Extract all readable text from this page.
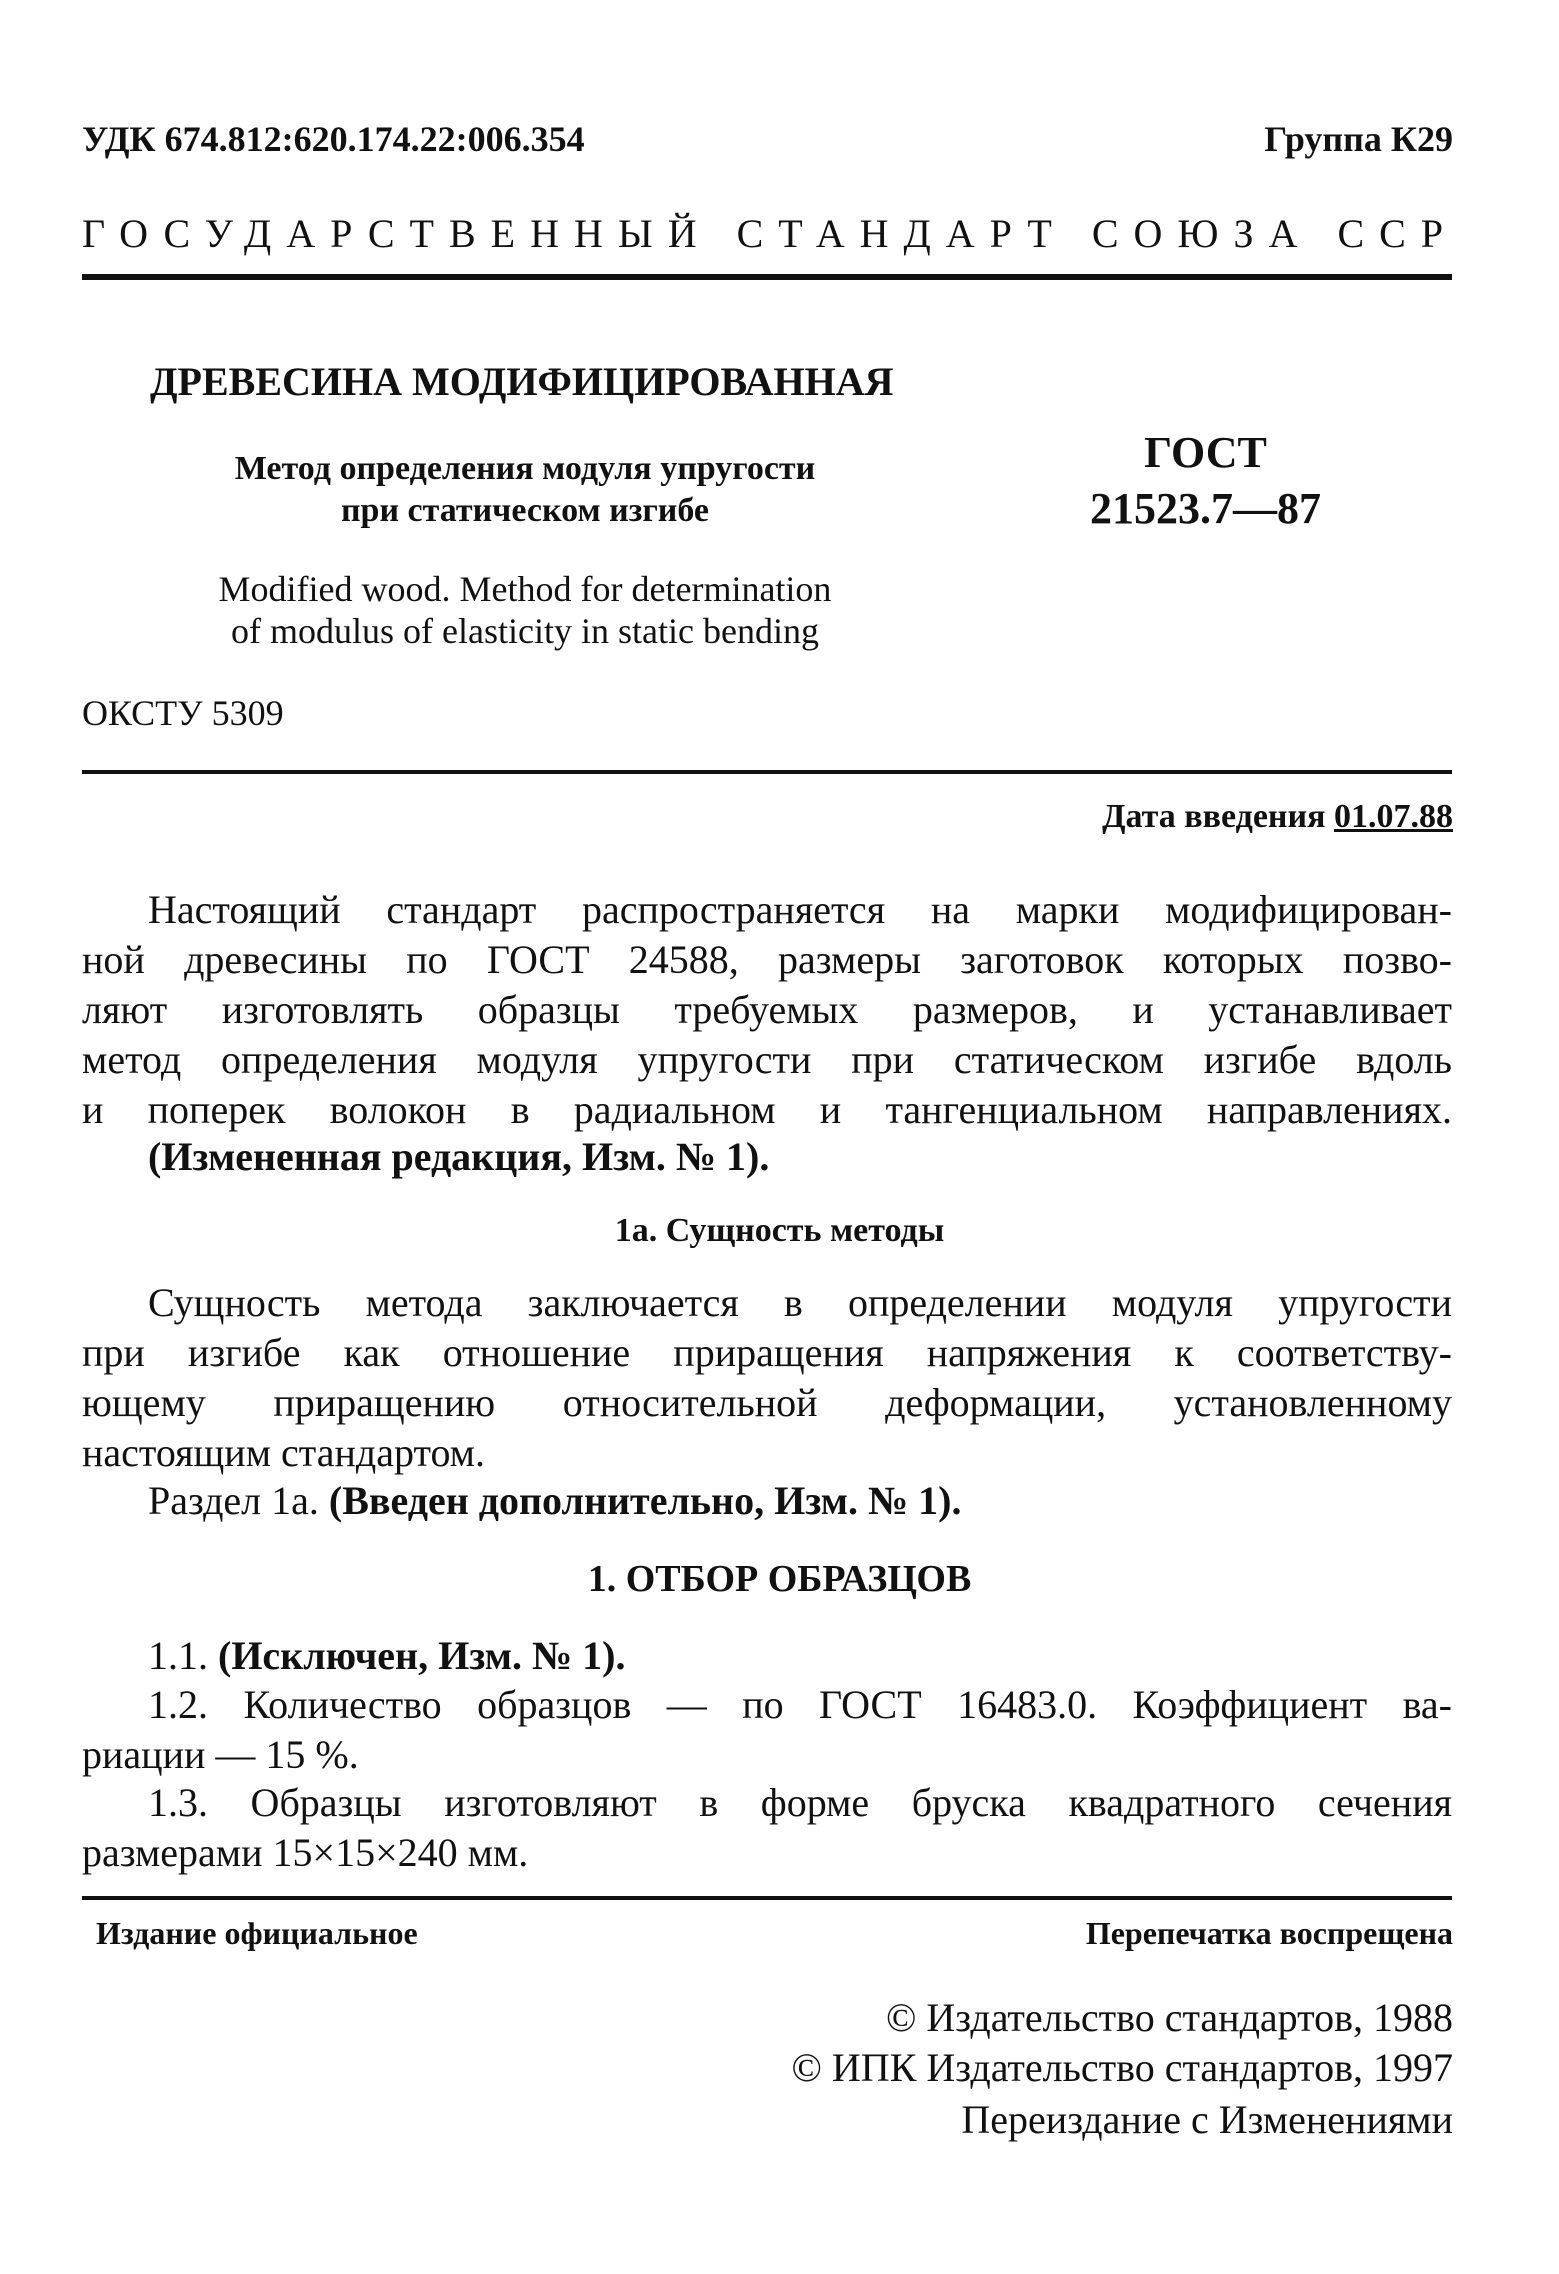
УДК 674.812:620.174.22:006.354	Группа К29
ГОСУДАРСТВЕННЫЙ СТАНДАРТ СОЮЗА ССР
ДРЕВЕСИНА МОДИФИЦИРОВАННАЯ
Метод определения модуля упругости
при статическом изгибе
ГОСТ
21523.7—87
Modified wood. Method for determination
of modulus of elasticity in static bending
ОКСТУ 5309
Дата введения 01.07.88
Настоящий стандарт распространяется на марки модифицирован-
ной древесины по ГОСТ 24588, размеры заготовок которых позво-
ляют изготовлять образцы требуемых размеров, и устанавливает
метод определения модуля упругости при статическом изгибе вдоль
и поперек волокон в радиальном и тангенциальном направлениях.
(Измененная редакция, Изм. № 1).
1а. Сущность методы
Сущность метода заключается в определении модуля упругости
при изгибе как отношение приращения напряжения к соответству-
ющему приращению относительной деформации, установленному
настоящим стандартом.
Раздел 1а. (Введен дополнительно, Изм. № 1).
1. ОТБОР ОБРАЗЦОВ
1.1. (Исключен, Изм. № 1).
1.2. Количество образцов — по ГОСТ 16483.0. Коэффициент ва-
риации — 15 %.
1.3. Образцы изготовляют в форме бруска квадратного сечения
размерами 15×15×240 мм.
Издание официальное	Перепечатка воспрещена
© Издательство стандартов, 1988
© ИПК Издательство стандартов, 1997
Переиздание с Изменениями
